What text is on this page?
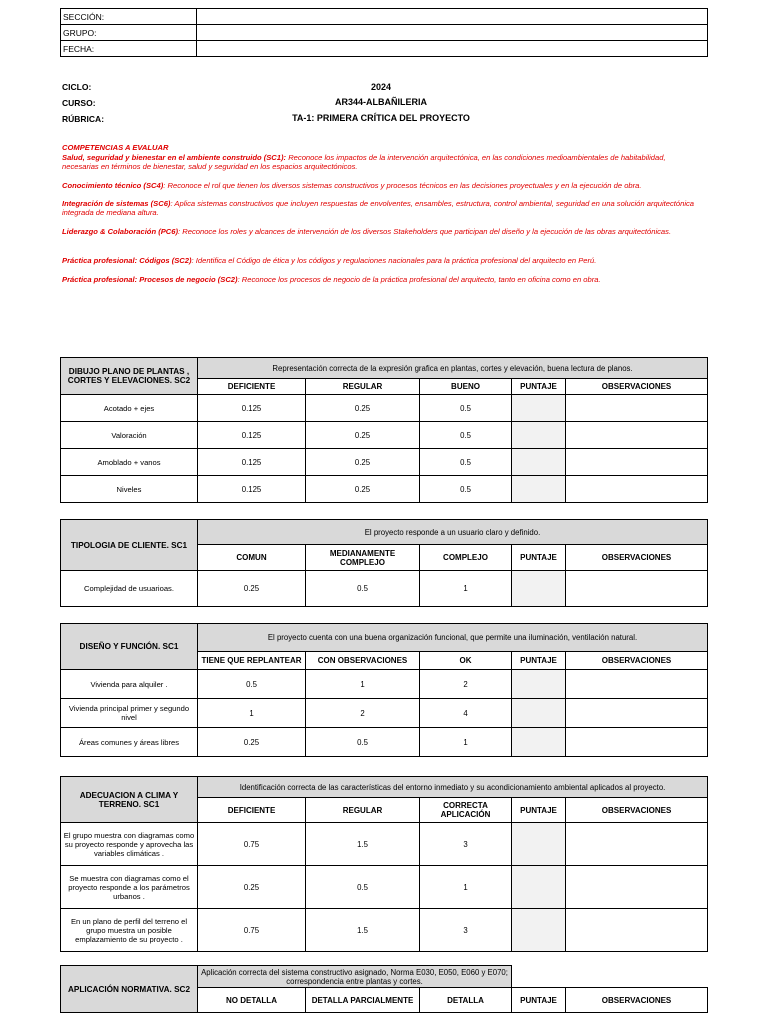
SECCIÓN:	
GRUPO:	
FECHA:	
CICLO:	2024
CURSO:	AR344-ALBAÑILERIA
RÚBRICA:	TA-1: PRIMERA CRÍTICA DEL PROYECTO
COMPETENCIAS A EVALUAR
Salud, seguridad y bienestar en el ambiente construido (SC1): Reconoce los impactos de la intervención arquitectónica, en las condiciones medioambientales de habitabilidad, necesarias en términos de bienestar, salud y seguridad en los espacios arquitectónicos.
Conocimiento técnico (SC4): Reconoce el rol que tienen los diversos sistemas constructivos y procesos técnicos en las decisiones proyectuales y en la ejecución de obra.
Integración de sistemas (SC6): Aplica sistemas constructivos que incluyen respuestas de envolventes, ensambles, estructura, control ambiental, seguridad en una solución arquitectónica integrada de mediana altura.
Liderazgo & Colaboración (PC6): Reconoce los roles y alcances de intervención de los diversos Stakeholders que participan del diseño y la ejecución de las obras arquitectónicas.
Práctica profesional: Códigos (SC2): Identifica el Código de ética y los códigos y regulaciones nacionales para la práctica profesional del arquitecto en Perú.
Práctica profesional: Procesos de negocio (SC2): Reconoce los procesos de negocio de la práctica profesional del arquitecto, tanto en oficina como en obra.
DIBUJO PLANO DE PLANTAS , CORTES Y ELEVACIONES. SC2	Representación correcta de la expresión grafica en plantas, cortes y elevación, buena lectura de planos.				
	DEFICIENTE	REGULAR	BUENO	PUNTAJE	OBSERVACIONES
Acotado + ejes	0.125	0.25	0.5		
Valoración	0.125	0.25	0.5		
Amoblado + vanos	0.125	0.25	0.5		
Niveles	0.125	0.25	0.5		
TIPOLOGIA DE CLIENTE. SC1	El proyecto responde a un usuario claro y definido.				
	COMUN	MEDIANAMENTE COMPLEJO	COMPLEJO	PUNTAJE	OBSERVACIONES
Complejidad de usuarioas.	0.25	0.5	1		
DISEÑO Y FUNCIÓN. SC1	El proyecto cuenta con una buena organización funcional, que permite una iluminación, ventilación natural.				
	TIENE QUE REPLANTEAR	CON OBSERVACIONES	OK	PUNTAJE	OBSERVACIONES
Vivienda para alquiler .	0.5	1	2		
Vivienda principal primer y segundo nivel	1	2	4		
Áreas comunes y áreas libres	0.25	0.5	1		
ADECUACION A CLIMA Y TERRENO. SC1	Identificación correcta de las características del entorno inmediato y su acondicionamiento ambiental aplicados al proyecto.				
	DEFICIENTE	REGULAR	CORRECTA APLICACIÓN	PUNTAJE	OBSERVACIONES
El grupo muestra con diagramas como su proyecto responde y aprovecha las variables climáticas .	0.75	1.5	3		
Se muestra con diagramas como el proyecto responde a los parámetros urbanos .	0.25	0.5	1		
En un plano de perfil del terreno el grupo muestra un posible emplazamiento de su proyecto .	0.75	1.5	3		
APLICACIÓN NORMATIVA. SC2	Aplicación correcta del sistema constructivo asignado, Norma E030, E050, E060 y E070; correspondencia entre plantas y cortes.				
	NO DETALLA	DETALLA PARCIALMENTE	DETALLA	PUNTAJE	OBSERVACIONES
